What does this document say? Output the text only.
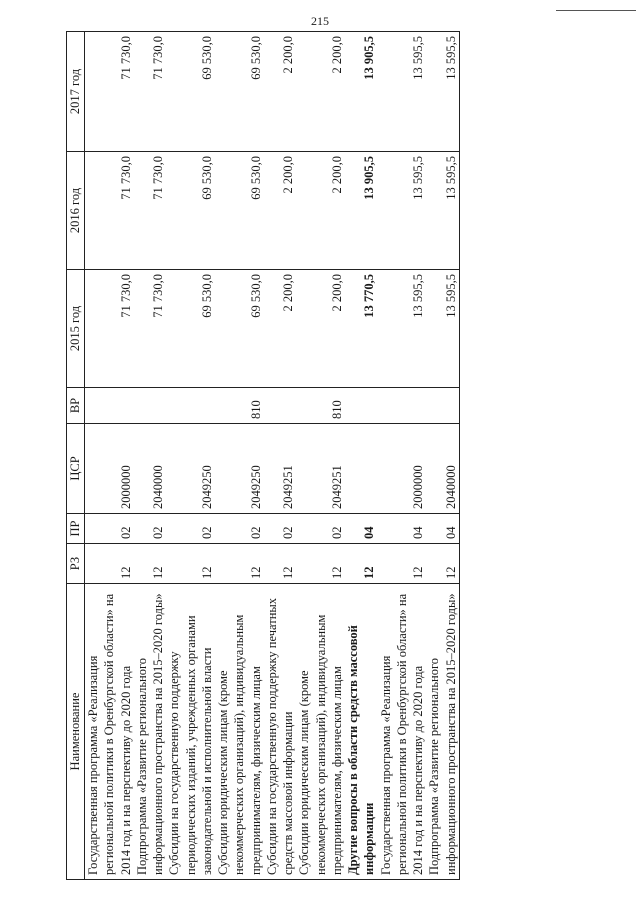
215
Наименование	РЗ	ПР	ЦСР	ВР	2015 год	2016 год	2017 год
Государственная программа «Реализация региональной политики в Оренбургской области» на 2014 год и на перспективу до 2020 года	12	02	2000000		71 730,0	71 730,0	71 730,0
Подпрограмма «Развитие регионального информационного пространства на 2015–2020 годы»	12	02	2040000		71 730,0	71 730,0	71 730,0
Субсидии на государственную поддержку периодических изданий, учрежденных органами законодательной и исполнительной власти	12	02	2049250		69 530,0	69 530,0	69 530,0
Субсидии юридическим лицам (кроме некоммерческих организаций), индивидуальным предпринимателям, физическим лицам	12	02	2049250	810	69 530,0	69 530,0	69 530,0
Субсидии на государственную поддержку печатных средств массовой информации	12	02	2049251		2 200,0	2 200,0	2 200,0
Субсидии юридическим лицам (кроме некоммерческих организаций), индивидуальным предпринимателям, физическим лицам	12	02	2049251	810	2 200,0	2 200,0	2 200,0
Другие вопросы в области средств массовой информации	12	04			13 770,5	13 905,5	13 905,5
Государственная программа «Реализация региональной политики в Оренбургской области» на 2014 год и на перспективу до 2020 года	12	04	2000000		13 595,5	13 595,5	13 595,5
Подпрограмма «Развитие регионального информационного пространства на 2015–2020 годы»	12	04	2040000		13 595,5	13 595,5	13 595,5
